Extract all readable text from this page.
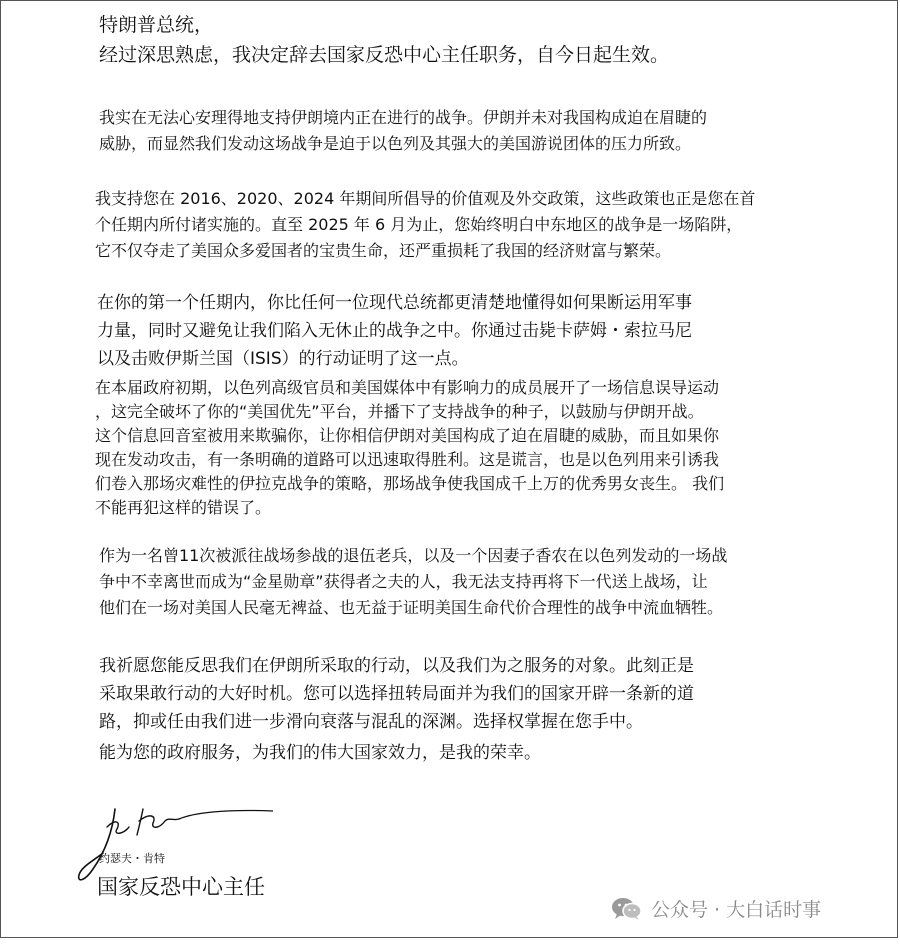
特朗普总统，

经过深思熟虑，我决定辞去国家反恐中心主任职务，自今日起生效。

我实在无法心安理得地支持伊朗境内正在进行的战争。伊朗并未对我国构成迫在眉睫的
威胁，而显然我们发动这场战争是迫于以色列及其强大的美国游说团体的压力所致。

我支持您在 2016、2020、2024 年期间所倡导的价值观及外交政策，这些政策也正是您在首
个任期内所付诸实施的。直至 2025 年 6 月为止，您始终明白中东地区的战争是一场陷阱，
它不仅夺走了美国众多爱国者的宝贵生命，还严重损耗了我国的经济财富与繁荣。

在你的第一个任期内，你比任何一位现代总统都更清楚地懂得如何果断运用军事
力量，同时又避免让我们陷入无休止的战争之中。你通过击毙卡萨姆・索拉马尼
以及击败伊斯兰国（ISIS）的行动证明了这一点。

在本届政府初期，以色列高级官员和美国媒体中有影响力的成员展开了一场信息误导运动
，这完全破坏了你的“美国优先”平台，并播下了支持战争的种子，以鼓励与伊朗开战。
这个信息回音室被用来欺骗你，让你相信伊朗对美国构成了迫在眉睫的威胁，而且如果你
现在发动攻击，有一条明确的道路可以迅速取得胜利。这是谎言，也是以色列用来引诱我
们卷入那场灾难性的伊拉克战争的策略，那场战争使我国成千上万的优秀男女丧生。 我们
不能再犯这样的错误了。

作为一名曾11次被派往战场参战的退伍老兵，以及一个因妻子香农在以色列发动的一场战
争中不幸离世而成为“金星勋章”获得者之夫的人，我无法支持再将下一代送上战场，让
他们在一场对美国人民毫无裨益、也无益于证明美国生命代价合理性的战争中流血牺牲。

我祈愿您能反思我们在伊朗所采取的行动，以及我们为之服务的对象。此刻正是
采取果敢行动的大好时机。您可以选择扭转局面并为我们的国家开辟一条新的道
路，抑或任由我们进一步滑向衰落与混乱的深渊。选择权掌握在您手中。

能为您的政府服务，为我们的伟大国家效力，是我的荣幸。

约瑟夫・肯特
国家反恐中心主任
公众号 · 大白话时事
